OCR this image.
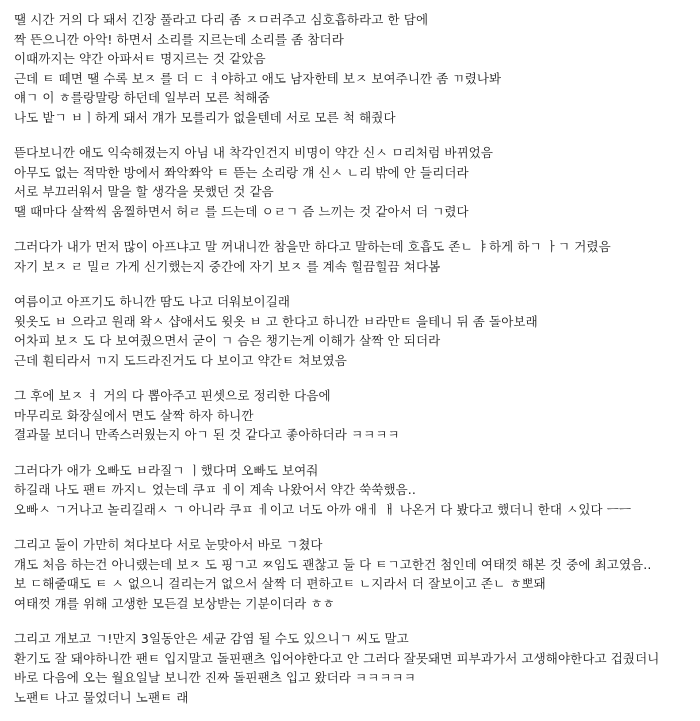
땔 시간 거의 다 돼서 긴장 풀라고 다리 좀 ㅈㅁ러주고 심호흡하라고 한 담에
짝 뜬으니깐 아악! 하면서 소리를 지르는데 소리를 좀 참더라
이때까지는 약간 아파서ㅌ 명지르는 것 같았음
근데 ㅌ 떼면 땔 수록 보ㅈ 를 더 ㄷ ㅕ야하고 애도 남자한테 보ㅈ 보여주니깐 좀 ㄲ렸나봐
얘ㄱ 이 ㅎ를랑말랑 하던데 일부러 모른 척해줌
나도 밭ㄱ ㅂㅣ하게 돼서 걔가 모를리가 없을텐데 서로 모른 척 해줬다
뜯다보니깐 애도 익숙해졌는지 아님 내 착각인건지 비명이 약간 신ㅅ ㅁ리처럼 바뀌었음
아무도 없는 적막한 방에서 쫘악쫘악 ㅌ 뜯는 소리랑 걔 신ㅅ ㄴ리 밖에 안 들리더라
서로 부끄러워서 말을 할 생각을 못했던 것 같음
땔 때마다 살짝씩 움찔하면서 허ㄹ 를 드는데 ㅇㄹㄱ 즘 느끼는 것 같아서 더 ㄱ렸다
그러다가 내가 먼저 많이 아프냐고 말 꺼내니깐 참을만 하다고 말하는데 호흡도 존ㄴ ㅑ하게 하ㄱ ㅏㄱ 거렸음
자기 보ㅈ ㄹ 밀ㄹ 가게 신기했는지 중간에 자기 보ㅈ 를 계속 힐끔힐끔 쳐다봄
여름이고 아프기도 하니깐 땀도 나고 더워보이길래
윗옷도 ㅂ 으라고 원래 왁ㅅ 샵애서도 윗옷 ㅂ 고 한다고 하니깐 ㅂ라만ㅌ 을테니 뒤 좀 돌아보래
어차피 보ㅈ 도 다 보여줬으면서 굳이 ㄱ 슴은 챙기는게 이해가 살짝 안 되더라
근데 훤티라서 ㄲ지 도드라진거도 다 보이고 약간ㅌ 쳐보였음
그 후에 보ㅈ ㅕ 거의 다 뽑아주고 핀셋으로 정리한 다음에
마무리로 화장실에서 면도 살짝 하자 하니깐
결과물 보더니 만족스러웠는지 아ㄱ 된 것 같다고 좋아하더라 ㅋㅋㅋㅋ
그러다가 애가 오빠도 ㅂ라질ㄱ ㅣ했다며 오빠도 보여줘
하길래 나도 팬ㅌ 까지ㄴ 었는데 쿠ㅍ ㅔ이 계속 나왔어서 약간 쑥쑥했음..
오빠ㅅ ㄱ거나고 놀리길래ㅅ ㄱ 아니라 쿠ㅍ ㅔ이고 너도 아까 애ㅔ ㅐ 나온거 다 봤다고 했더니 한대 ㅅ있다 ㅡㅡ
그리고 둘이 가만히 쳐다보다 서로 눈맞아서 바로 ㄱ쳤다
걔도 처음 하는건 아니랬는데 보ㅈ 도 핑ㄱ고 ㅉ임도 괜찮고 둘 다 ㅌㄱ고한건 첨인데 여태껏 해본 것 중에 최고였음..
보 ㄷ해줄때도 ㅌ ㅅ 없으니 걸리는거 없으서 살짝 더 편하고ㅌ ㄴ지라서 더 잘보이고 존ㄴ ㅎ뽀돼
여태껏 걔를 위해 고생한 모든걸 보상받는 기분이더라 ㅎㅎ
그리고 개보고 ㄱ!만지 3일동안은 세균 감염 될 수도 있으니ㄱ 씨도 말고
환기도 잘 돼야하니깐 팬ㅌ 입지말고 돌핀팬츠 입어야한다고 안 그러다 잘못돼면 피부과가서 고생해야한다고 겁줬더니
바로 다음에 오는 월요일날 보니깐 진짜 돌핀팬츠 입고 왔더라 ㅋㅋㅋㅋㅋ
노팬ㅌ 나고 물었더니 노팬ㅌ 래
